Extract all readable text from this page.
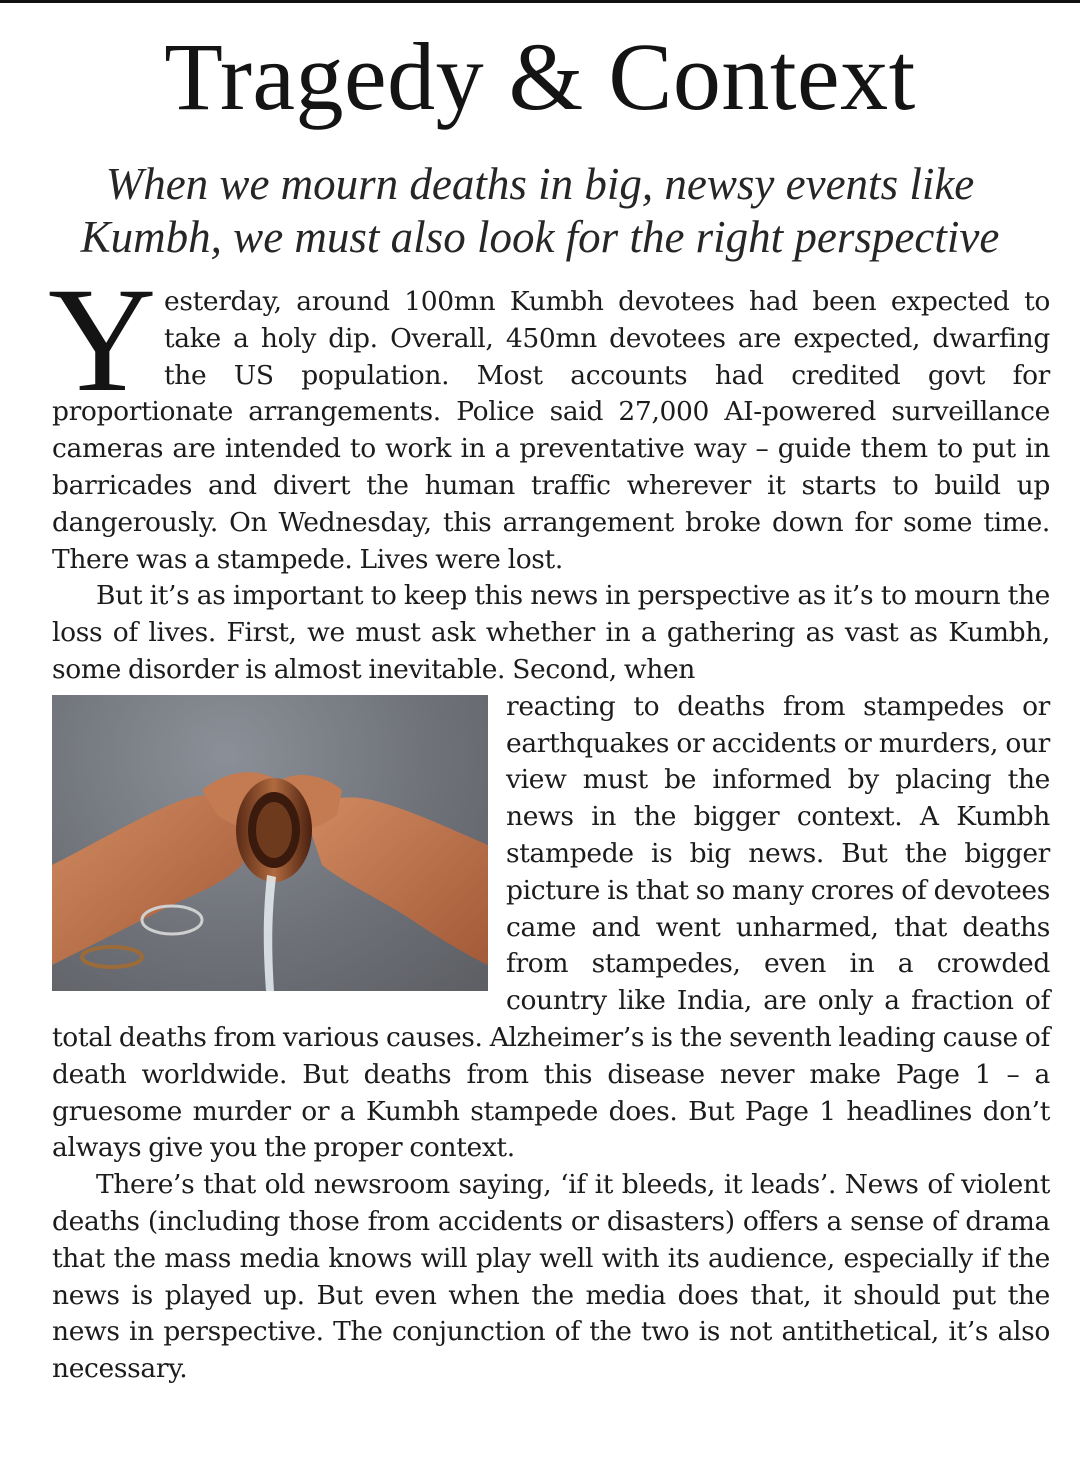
Tragedy & Context

When we mourn deaths in big, newsy events like Kumbh, we must also look for the right perspective

Yesterday, around 100mn Kumbh devotees had been expected to take a holy dip. Overall, 450mn devotees are expected, dwarfing the US population. Most accounts had credited govt for proportionate arrangements. Police said 27,000 AI-powered surveillance cameras are intended to work in a preventative way – guide them to put in barricades and divert the human traffic wherever it starts to build up dangerously. On Wednesday, this arrangement broke down for some time. There was a stampede. Lives were lost.

But it’s as important to keep this news in perspective as it’s to mourn the loss of lives. First, we must ask whether in a gathering as vast as Kumbh, some disorder is almost inevitable. Second, when

reacting to deaths from stampedes or earthquakes or accidents or murders, our view must be informed by placing the news in the bigger context. A Kumbh stampede is big news. But the bigger picture is that so many crores of devotees came and went unharmed, that deaths from stampedes, even in a crowded country like India, are only a fraction of total deaths from various causes. Alzheimer’s is the seventh leading cause of death worldwide. But deaths from this disease never make Page 1 – a gruesome murder or a Kumbh stampede does. But Page 1 headlines don’t always give you the proper context.

There’s that old newsroom saying, ‘if it bleeds, it leads’. News of violent deaths (including those from accidents or disasters) offers a sense of drama that the mass media knows will play well with its audience, especially if the news is played up. But even when the media does that, it should put the news in perspective. The conjunction of the two is not antithetical, it’s also necessary.
